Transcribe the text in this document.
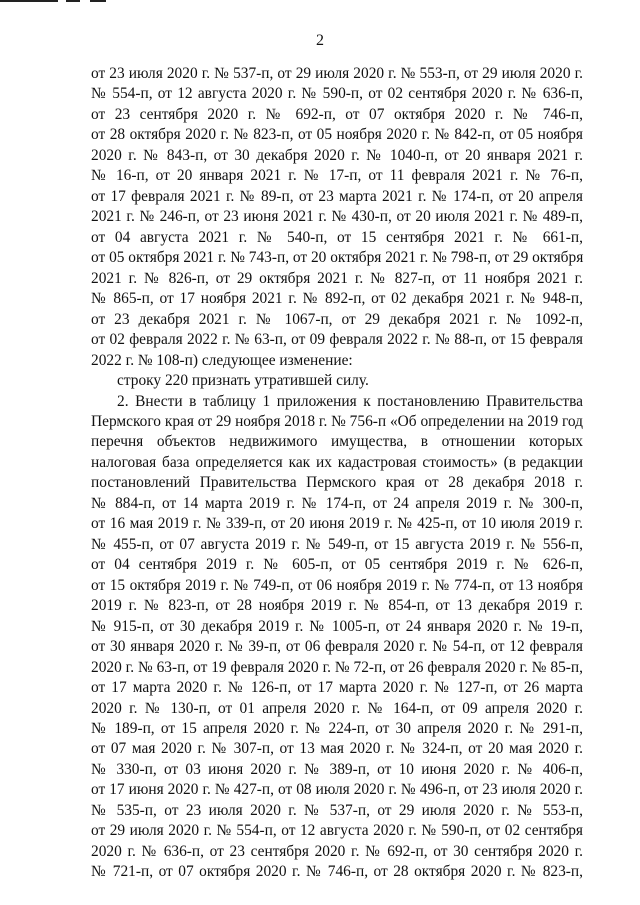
2
от 23 июля 2020 г. № 537-п, от 29 июля 2020 г. № 553-п, от 29 июля 2020 г.
№ 554-п, от 12 августа 2020 г. № 590-п, от 02 сентября 2020 г. № 636-п,
от 23 сентября 2020 г. № 692-п, от 07 октября 2020 г. № 746-п,
от 28 октября 2020 г. № 823-п, от 05 ноября 2020 г. № 842-п, от 05 ноября
2020 г. № 843-п, от 30 декабря 2020 г. № 1040-п, от 20 января 2021 г.
№ 16-п, от 20 января 2021 г. № 17-п, от 11 февраля 2021 г. № 76-п,
от 17 февраля 2021 г. № 89-п, от 23 марта 2021 г. № 174-п, от 20 апреля
2021 г. № 246-п, от 23 июня 2021 г. № 430-п, от 20 июля 2021 г. № 489-п,
от 04 августа 2021 г. № 540-п, от 15 сентября 2021 г. № 661-п,
от 05 октября 2021 г. № 743-п, от 20 октября 2021 г. № 798-п, от 29 октября
2021 г. № 826-п, от 29 октября 2021 г. № 827-п, от 11 ноября 2021 г.
№ 865-п, от 17 ноября 2021 г. № 892-п, от 02 декабря 2021 г. № 948-п,
от 23 декабря 2021 г. № 1067-п, от 29 декабря 2021 г. № 1092-п,
от 02 февраля 2022 г. № 63-п, от 09 февраля 2022 г. № 88-п, от 15 февраля
2022 г. № 108-п) следующее изменение:
строку 220 признать утратившей силу.
2. Внести в таблицу 1 приложения к постановлению Правительства
Пермского края от 29 ноября 2018 г. № 756-п «Об определении на 2019 год
перечня объектов недвижимого имущества, в отношении которых
налоговая база определяется как их кадастровая стоимость» (в редакции
постановлений Правительства Пермского края от 28 декабря 2018 г.
№ 884-п, от 14 марта 2019 г. № 174-п, от 24 апреля 2019 г. № 300-п,
от 16 мая 2019 г. № 339-п, от 20 июня 2019 г. № 425-п, от 10 июля 2019 г.
№ 455-п, от 07 августа 2019 г. № 549-п, от 15 августа 2019 г. № 556-п,
от 04 сентября 2019 г. № 605-п, от 05 сентября 2019 г. № 626-п,
от 15 октября 2019 г. № 749-п, от 06 ноября 2019 г. № 774-п, от 13 ноября
2019 г. № 823-п, от 28 ноября 2019 г. № 854-п, от 13 декабря 2019 г.
№ 915-п, от 30 декабря 2019 г. № 1005-п, от 24 января 2020 г. № 19-п,
от 30 января 2020 г. № 39-п, от 06 февраля 2020 г. № 54-п, от 12 февраля
2020 г. № 63-п, от 19 февраля 2020 г. № 72-п, от 26 февраля 2020 г. № 85-п,
от 17 марта 2020 г. № 126-п, от 17 марта 2020 г. № 127-п, от 26 марта
2020 г. № 130-п, от 01 апреля 2020 г. № 164-п, от 09 апреля 2020 г.
№ 189-п, от 15 апреля 2020 г. № 224-п, от 30 апреля 2020 г. № 291-п,
от 07 мая 2020 г. № 307-п, от 13 мая 2020 г. № 324-п, от 20 мая 2020 г.
№ 330-п, от 03 июня 2020 г. № 389-п, от 10 июня 2020 г. № 406-п,
от 17 июня 2020 г. № 427-п, от 08 июля 2020 г. № 496-п, от 23 июля 2020 г.
№ 535-п, от 23 июля 2020 г. № 537-п, от 29 июля 2020 г. № 553-п,
от 29 июля 2020 г. № 554-п, от 12 августа 2020 г. № 590-п, от 02 сентября
2020 г. № 636-п, от 23 сентября 2020 г. № 692-п, от 30 сентября 2020 г.
№ 721-п, от 07 октября 2020 г. № 746-п, от 28 октября 2020 г. № 823-п,
